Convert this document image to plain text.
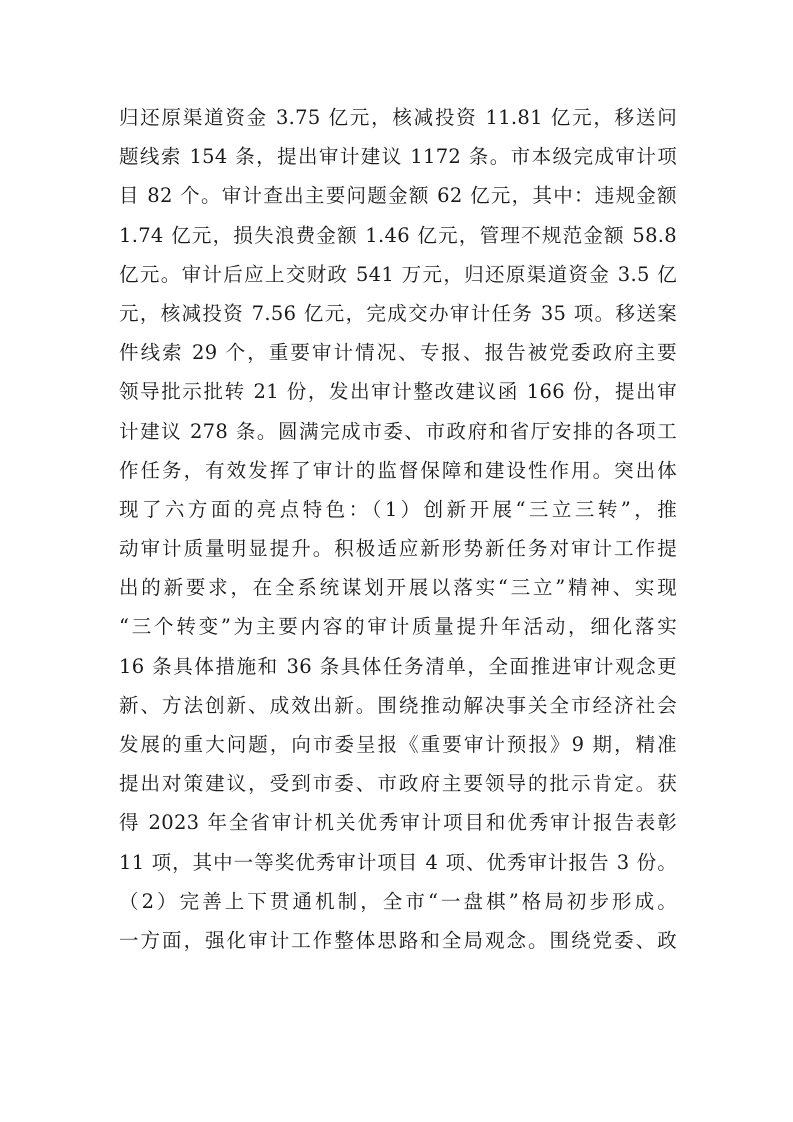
归还原渠道资金 3.75 亿元，核减投资 11.81 亿元，移送问
题线索 154 条，提出审计建议 1172 条。市本级完成审计项
目 82 个。审计查出主要问题金额 62 亿元，其中：违规金额
1.74 亿元，损失浪费金额 1.46 亿元，管理不规范金额 58.8
亿元。审计后应上交财政 541 万元，归还原渠道资金 3.5 亿
元，核减投资 7.56 亿元，完成交办审计任务 35 项。移送案
件线索 29 个，重要审计情况、专报、报告被党委政府主要
领导批示批转 21 份，发出审计整改建议函 166 份，提出审
计建议 278 条。圆满完成市委、市政府和省厅安排的各项工
作任务，有效发挥了审计的监督保障和建设性作用。突出体
现了六方面的亮点特色：（1）创新开展“三立三转”，推
动审计质量明显提升。积极适应新形势新任务对审计工作提
出的新要求，在全系统谋划开展以落实“三立”精神、实现
“三个转变”为主要内容的审计质量提升年活动，细化落实
16 条具体措施和 36 条具体任务清单，全面推进审计观念更
新、方法创新、成效出新。围绕推动解决事关全市经济社会
发展的重大问题，向市委呈报《重要审计预报》9 期，精准
提出对策建议，受到市委、市政府主要领导的批示肯定。获
得 2023 年全省审计机关优秀审计项目和优秀审计报告表彰
11 项，其中一等奖优秀审计项目 4 项、优秀审计报告 3 份。
（2）完善上下贯通机制，全市“一盘棋”格局初步形成。
一方面，强化审计工作整体思路和全局观念。围绕党委、政
